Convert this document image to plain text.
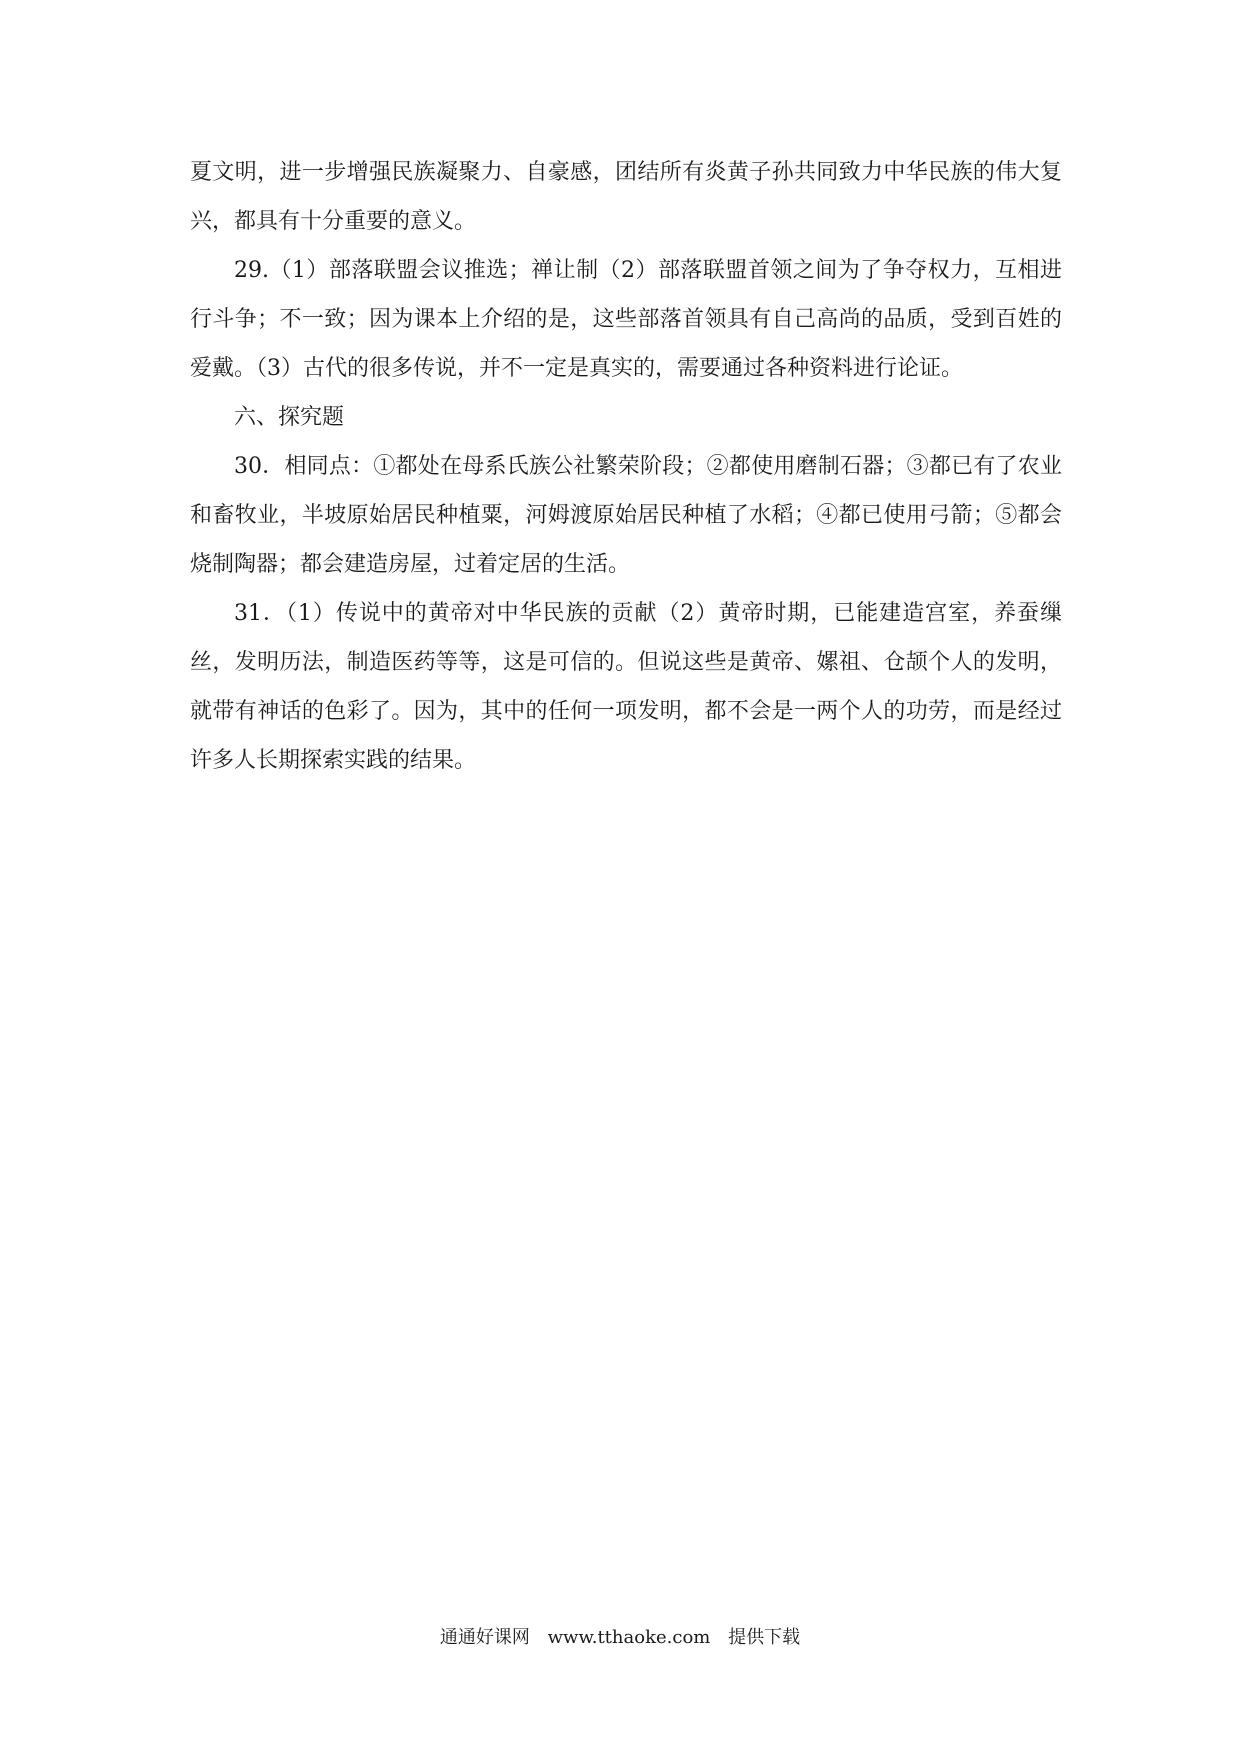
夏文明，进一步增强民族凝聚力、自豪感，团结所有炎黄子孙共同致力中华民族的伟大复兴，都具有十分重要的意义。

29.（1）部落联盟会议推选；禅让制（2）部落联盟首领之间为了争夺权力，互相进行斗争；不一致；因为课本上介绍的是，这些部落首领具有自己高尚的品质，受到百姓的爱戴。（3）古代的很多传说，并不一定是真实的，需要通过各种资料进行论证。

六、探究题

30．相同点：①都处在母系氏族公社繁荣阶段；②都使用磨制石器；③都已有了农业和畜牧业，半坡原始居民种植粟，河姆渡原始居民种植了水稻；④都已使用弓箭；⑤都会烧制陶器；都会建造房屋，过着定居的生活。

31．（1）传说中的黄帝对中华民族的贡献（2）黄帝时期，已能建造宫室，养蚕缫丝，发明历法，制造医药等等，这是可信的。但说这些是黄帝、嫘祖、仓颉个人的发明，就带有神话的色彩了。因为，其中的任何一项发明，都不会是一两个人的功劳，而是经过许多人长期探索实践的结果。

通通好课网 www.tthaoke.com 提供下载
